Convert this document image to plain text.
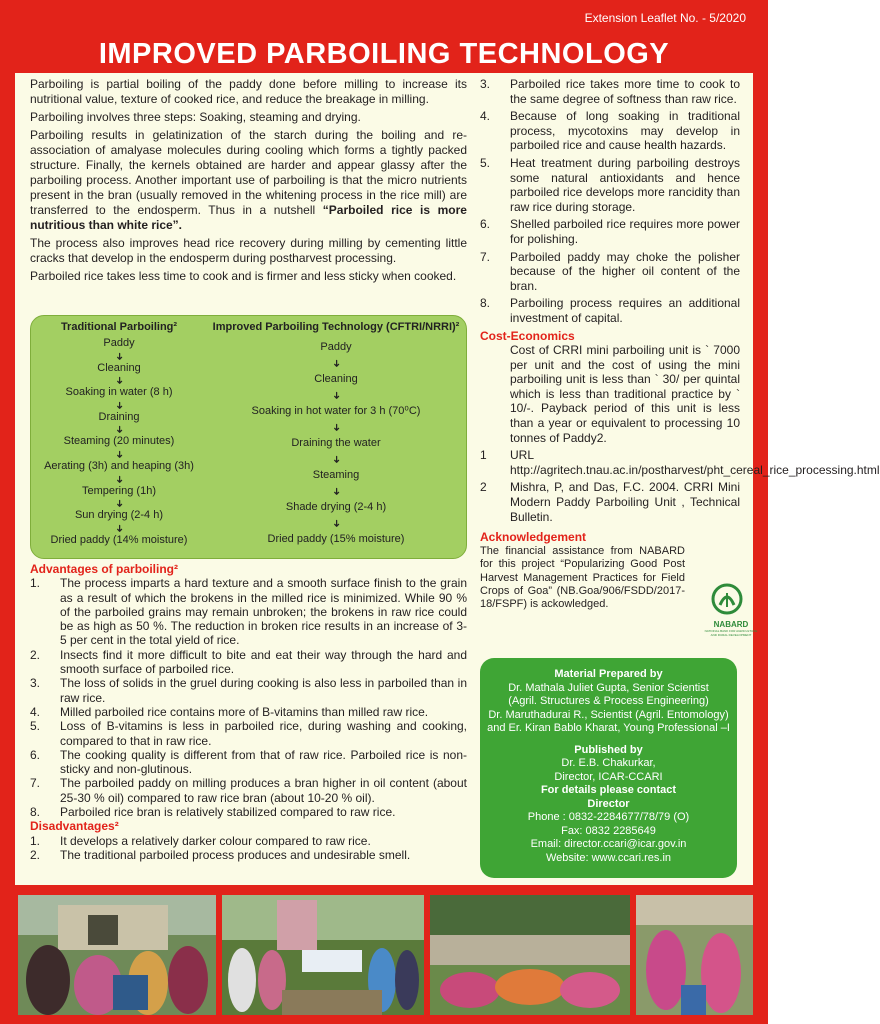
Extension Leaflet No. - 5/2020
IMPROVED PARBOILING TECHNOLOGY

Parboiling is partial boiling of the paddy done before milling to increase its nutritional value, texture of cooked rice, and reduce the breakage in milling.

Parboiling involves three steps: Soaking, steaming and drying.

Parboiling results in gelatinization of the starch during the boiling and re-association of amalyase molecules during cooling which forms a tightly packed structure. Finally, the kernels obtained are harder and appear glassy after the parboiling process. Another important use of parboiling is that the micro nutrients present in the bran (usually removed in the whitening process in the rice mill) are transferred to the endosperm. Thus in a nutshell “Parboiled rice is more nutritious than white rice”.

The process also improves head rice recovery during milling by cementing little cracks that develop in the endosperm during postharvest processing.

Parboiled rice takes less time to cook and is firmer and less sticky when cooked.

Traditional Parboiling²
Paddy
➜
Cleaning
➜
Soaking in water (8 h)
➜
Draining
➜
Steaming (20 minutes)
➜
Aerating (3h) and heaping (3h)
➜
Tempering (1h)
➜
Sun drying (2-4 h)
➜
Dried paddy (14% moisture)
Improved Parboiling Technology (CFTRI/NRRI)²
Paddy
➜
Cleaning
➜
Soaking in hot water for 3 h (70⁰C)
➜
Draining the water
➜
Steaming
➜
Shade drying (2-4 h)
➜
Dried paddy (15% moisture)
Advantages of parboiling²
1.	The process imparts a hard texture and a smooth surface finish to the grain as a result of which the brokens in the milled rice is minimized. While 90 % of the parboiled grains may remain unbroken; the brokens in raw rice could be as high as 50 %. The reduction in broken rice results in an increase of 3-5 per cent in the total yield of rice.
2.	Insects find it more difficult to bite and eat their way through the hard and smooth surface of parboiled rice.
3.	The loss of solids in the gruel during cooking is also less in parboiled than in raw rice.
4.	Milled parboiled rice contains more of B-vitamins than milled raw rice.
5.	Loss of B-vitamins is less in parboiled rice, during washing and cooking, compared to that in raw rice.
6.	The cooking quality is different from that of raw rice. Parboiled rice is non-sticky and non-glutinous.
7.	The parboiled paddy on milling produces a bran higher in oil content (about 25-30 % oil) compared to raw rice bran (about 10-20 % oil).
8.	Parboiled rice bran is relatively stabilized compared to raw rice.
Disadvantages²
1.	It develops a relatively darker colour compared to raw rice.
2.	The traditional parboiled process produces and undesirable smell.
3.	Parboiled rice takes more time to cook to the same degree of softness than raw rice.
4.	Because of long soaking in traditional process, mycotoxins may develop in parboiled rice and cause health hazards.
5.	Heat treatment during parboiling destroys some natural antioxidants and hence parboiled rice develops more rancidity than raw rice during storage.
6.	Shelled parboiled rice requires more power for polishing.
7.	Parboiled paddy may choke the polisher because of the higher oil content of the bran.
8.	Parboiling process requires an additional investment of capital.
Cost-Economics

Cost of CRRI mini parboiling unit is ` 7000 per unit and the cost of using the mini parboiling unit is less than ` 30/ per quintal which is less than traditional practice by ` 10/-. Payback period of this unit is less than a year or equivalent to processing 10 tonnes of Paddy2.

1	URL http://agritech.tnau.ac.in/postharvest/pht_cereal_rice_processing.html
2	Mishra, P, and Das, F.C. 2004. CRRI Mini Modern Paddy Parboiling Unit , Technical Bulletin.
Acknowledgement

The financial assistance from NABARD for this project “Popularizing Good Post Harvest Management Practices for Field Crops of Goa” (NB.Goa/906/FSDD/2017-18/FSPF) is ackowledged.

NABARD
NATIONAL BANK FOR AGRICULTURE AND RURAL DEVELOPMENT
Material Prepared by
Dr. Mathala Juliet Gupta, Senior Scientist
(Agril. Structures & Process Engineering)
Dr. Maruthadurai R., Scientist (Agril. Entomology)
and Er. Kiran Bablo Kharat, Young Professional –I
Published by
Dr. E.B. Chakurkar,
Director, ICAR-CCARI
For details please contact
Director
Phone : 0832-2284677/78/79 (O)
Fax: 0832 2285649
Email: director.ccari@icar.gov.in
Website: www.ccari.res.in
